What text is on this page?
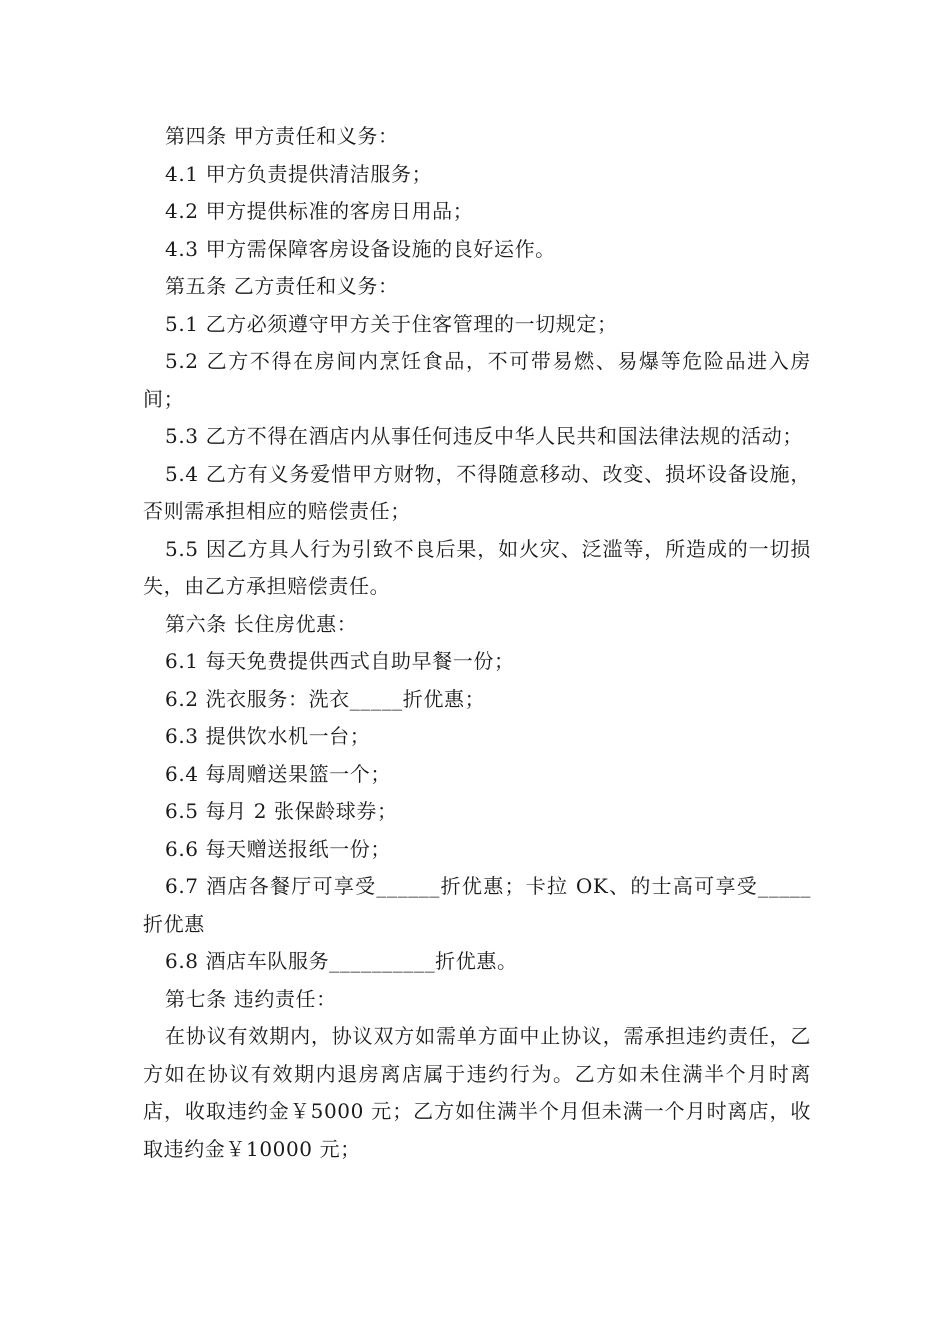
第四条 甲方责任和义务：

4.1 甲方负责提供清洁服务；

4.2 甲方提供标准的客房日用品；

4.3 甲方需保障客房设备设施的良好运作。

第五条 乙方责任和义务：

5.1 乙方必须遵守甲方关于住客管理的一切规定；

5.2 乙方不得在房间内烹饪食品，不可带易燃、易爆等危险品进入房间；

5.3 乙方不得在酒店内从事任何违反中华人民共和国法律法规的活动；

5.4 乙方有义务爱惜甲方财物，不得随意移动、改变、损坏设备设施，否则需承担相应的赔偿责任；

5.5 因乙方具人行为引致不良后果，如火灾、泛滥等，所造成的一切损失，由乙方承担赔偿责任。

第六条 长住房优惠：

6.1 每天免费提供西式自助早餐一份；

6.2 洗衣服务：洗衣_____折优惠；

6.3 提供饮水机一台；

6.4 每周赠送果篮一个；

6.5 每月 2 张保龄球券；

6.6 每天赠送报纸一份；

6.7 酒店各餐厅可享受______折优惠；卡拉 OK、的士高可享受_____折优惠

6.8 酒店车队服务__________折优惠。

第七条 违约责任：

在协议有效期内，协议双方如需单方面中止协议，需承担违约责任，乙方如在协议有效期内退房离店属于违约行为。乙方如未住满半个月时离店，收取违约金￥5000 元；乙方如住满半个月但未满一个月时离店，收取违约金￥10000 元；
